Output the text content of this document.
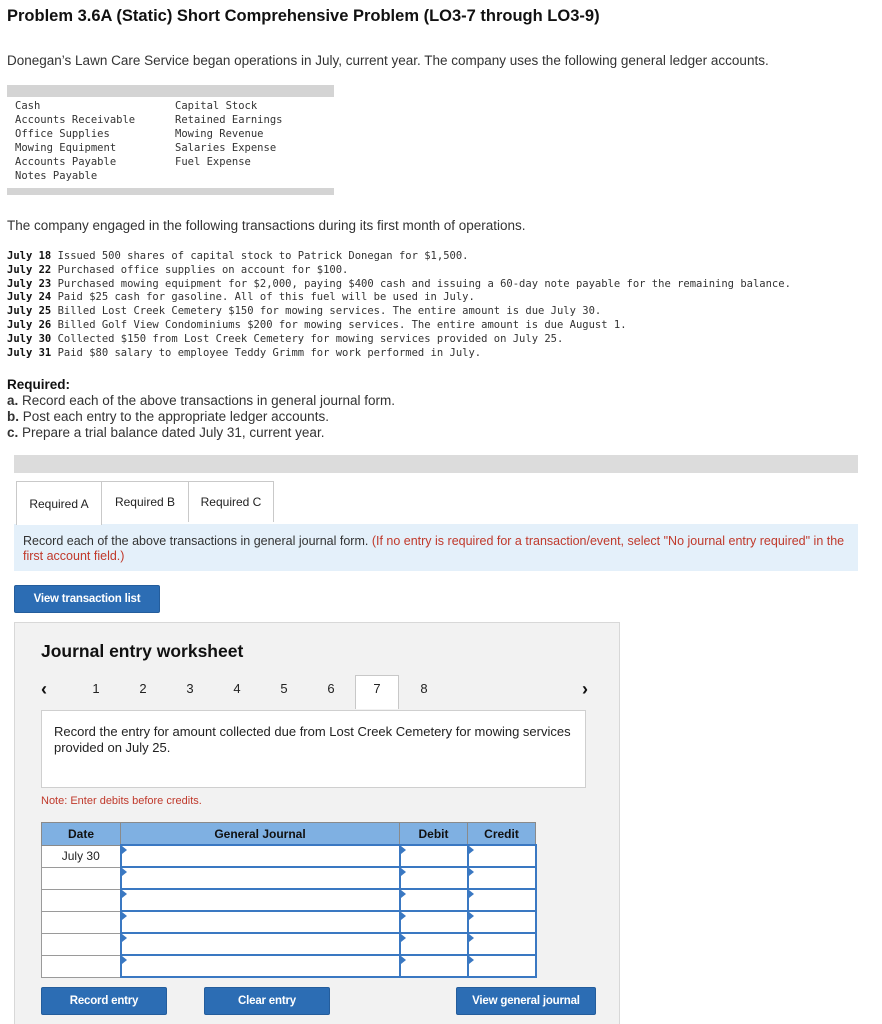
Problem 3.6A (Static) Short Comprehensive Problem (LO3-7 through LO3-9)
Donegan’s Lawn Care Service began operations in July, current year. The company uses the following general ledger accounts.
Cash
Accounts Receivable
Office Supplies
Mowing Equipment
Accounts Payable
Notes Payable
Capital Stock
Retained Earnings
Mowing Revenue
Salaries Expense
Fuel Expense
The company engaged in the following transactions during its first month of operations.
July 18 Issued 500 shares of capital stock to Patrick Donegan for $1,500.
July 22 Purchased office supplies on account for $100.
July 23 Purchased mowing equipment for $2,000, paying $400 cash and issuing a 60-day note payable for the remaining balance.
July 24 Paid $25 cash for gasoline. All of this fuel will be used in July.
July 25 Billed Lost Creek Cemetery $150 for mowing services. The entire amount is due July 30.
July 26 Billed Golf View Condominiums $200 for mowing services. The entire amount is due August 1.
July 30 Collected $150 from Lost Creek Cemetery for mowing services provided on July 25.
July 31 Paid $80 salary to employee Teddy Grimm for work performed in July.
Required:
a. Record each of the above transactions in general journal form.
b. Post each entry to the appropriate ledger accounts.
c. Prepare a trial balance dated July 31, current year.
Required A	Required B	Required C
Record each of the above transactions in general journal form. (If no entry is required for a transaction/event, select "No journal entry required" in the first account field.)
View transaction list
Journal entry worksheet
‹	1	2	3	4	5	6	7	8	›
Record the entry for amount collected due from Lost Creek Cemetery for mowing services provided on July 25.
Note: Enter debits before credits.
Date	General Journal	Debit	Credit
July 30			

Record entry	Clear entry	View general journal
